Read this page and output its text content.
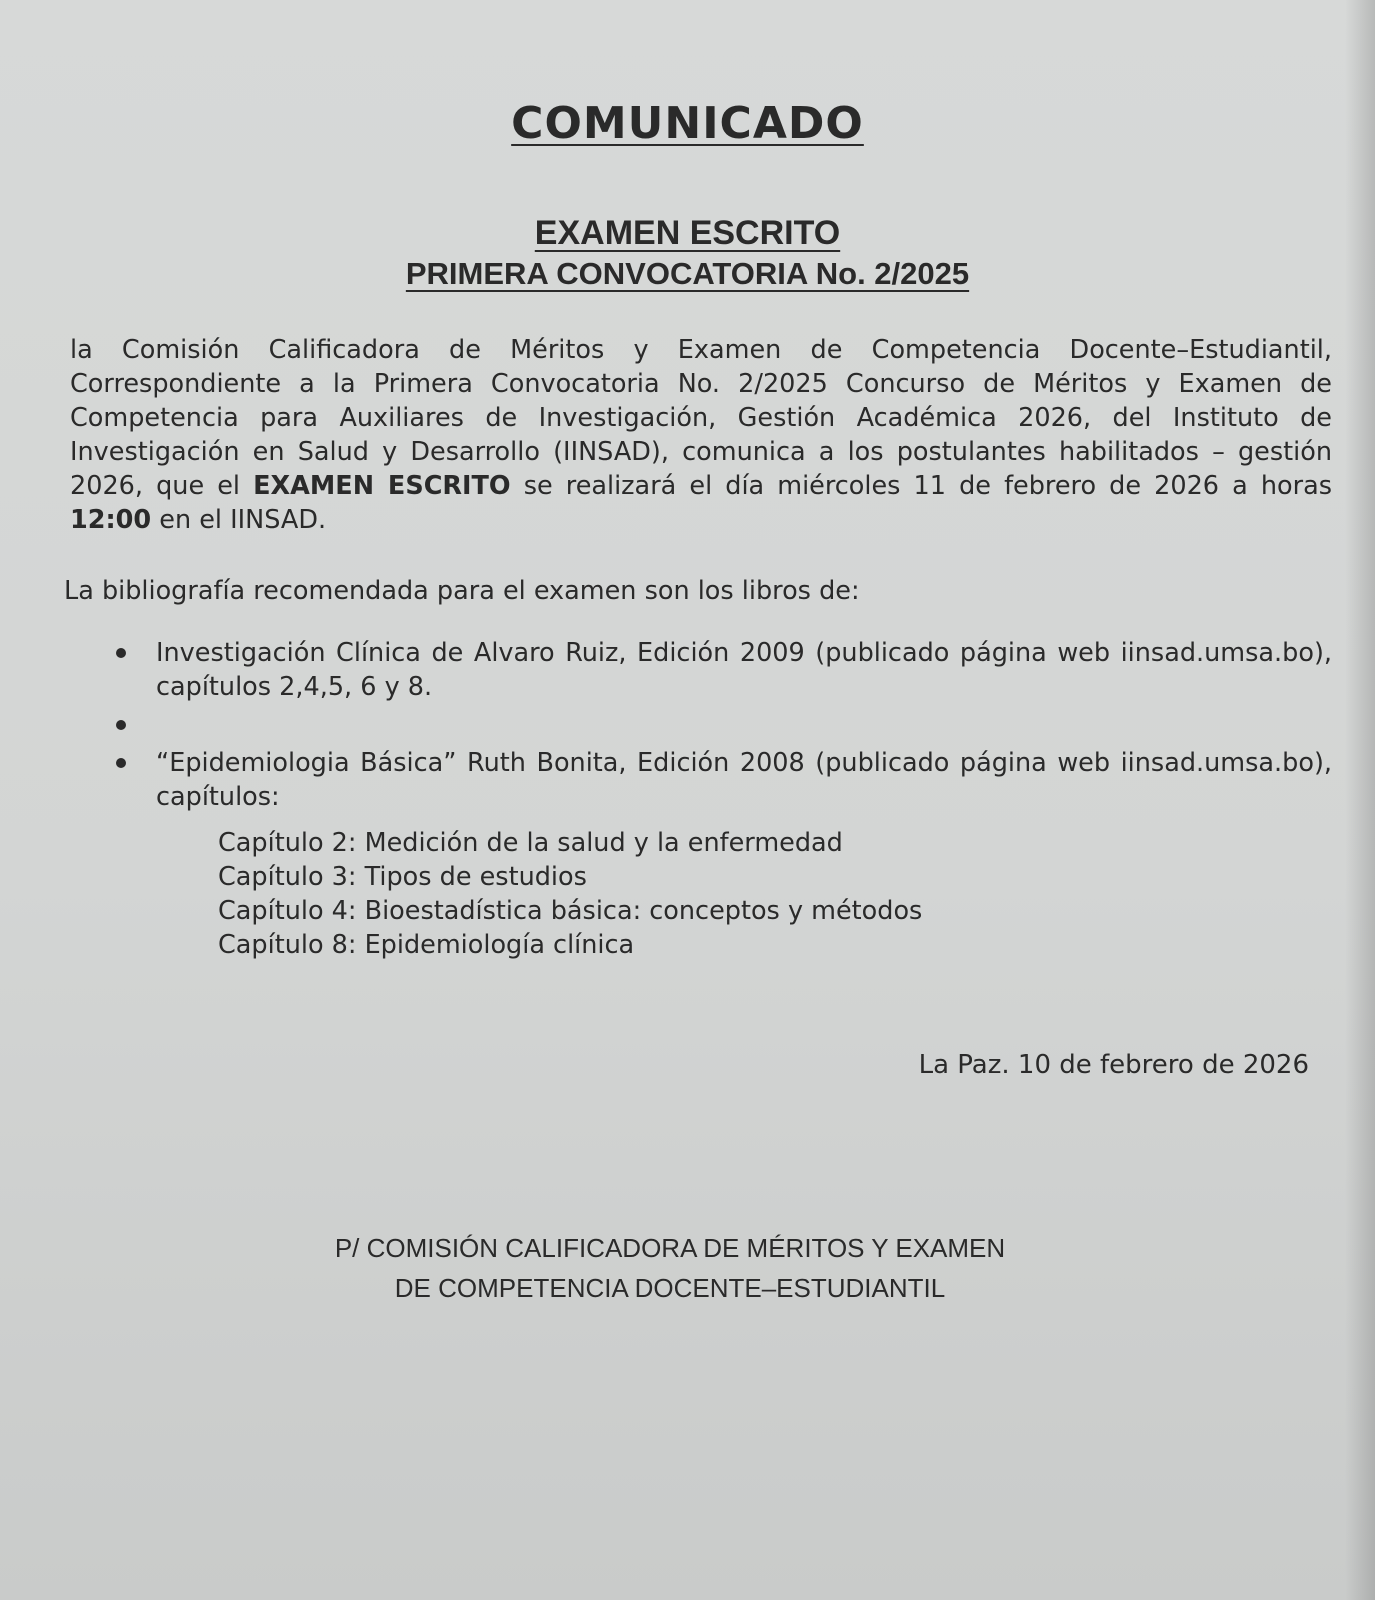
COMUNICADO
EXAMEN ESCRITO
PRIMERA CONVOCATORIA No. 2/2025

la Comisión Calificadora de Méritos y Examen de Competencia Docente–Estudiantil, Correspondiente a la Primera Convocatoria No. 2/2025 Concurso de Méritos y Examen de Competencia para Auxiliares de Investigación, Gestión Académica 2026, del Instituto de Investigación en Salud y Desarrollo (IINSAD), comunica a los postulantes habilitados – gestión 2026, que el EXAMEN ESCRITO se realizará el día miércoles 11 de febrero de 2026 a horas 12:00 en el IINSAD.

La bibliografía recomendada para el examen son los libros de:

Investigación Clínica de Alvaro Ruiz, Edición 2009 (publicado página web iinsad.umsa.bo), capítulos 2,4,5, 6 y 8.
“Epidemiologia Básica” Ruth Bonita, Edición 2008 (publicado página web iinsad.umsa.bo), capítulos:
Capítulo 2: Medición de la salud y la enfermedad
Capítulo 3: Tipos de estudios
Capítulo 4: Bioestadística básica: conceptos y métodos
Capítulo 8: Epidemiología clínica
La Paz. 10 de febrero de 2026
P/ COMISIÓN CALIFICADORA DE MÉRITOS Y EXAMEN
DE COMPETENCIA DOCENTE–ESTUDIANTIL
